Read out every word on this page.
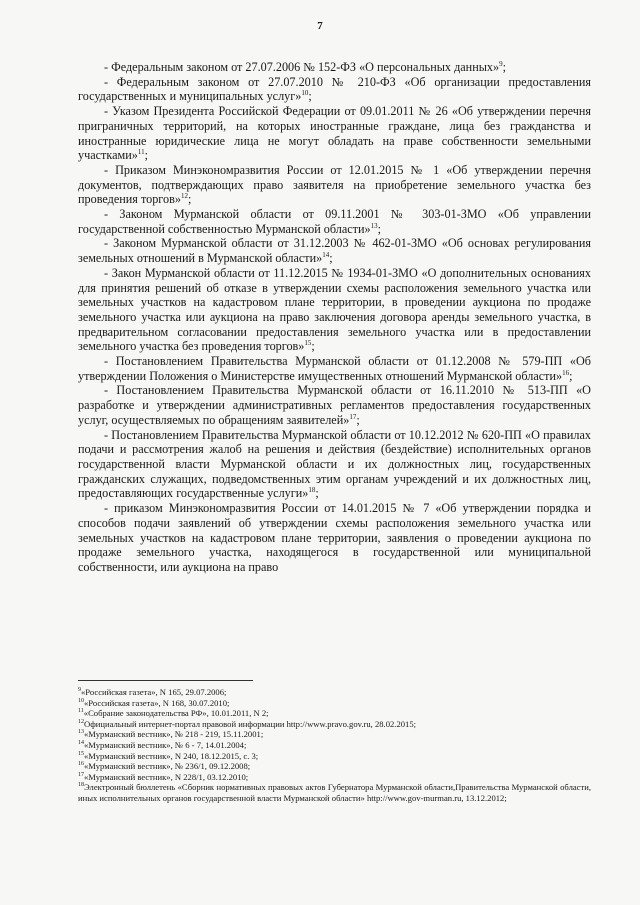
7

- Федеральным законом от 27.07.2006 № 152-ФЗ «О персональных данных»$^9$;

- Федеральным законом от 27.07.2010 № 210-ФЗ «Об организации предоставления государственных и муниципальных услуг»$^{10}$;

- Указом Президента Российской Федерации от 09.01.2011 № 26 «Об утверждении перечня приграничных территорий, на которых иностранные граждане, лица без гражданства и иностранные юридические лица не могут обладать на праве собственности земельными участками»$^{11}$;

- Приказом Минэкономразвития России от 12.01.2015 № 1 «Об утверждении перечня документов, подтверждающих право заявителя на приобретение земельного участка без проведения торгов»$^{12}$;

- Законом Мурманской области от 09.11.2001 № 303-01-ЗМО «Об управлении государственной собственностью Мурманской области»$^{13}$;

- Законом Мурманской области от 31.12.2003 № 462-01-ЗМО «Об основах регулирования земельных отношений в Мурманской области»$^{14}$;

- Закон Мурманской области от 11.12.2015 № 1934-01-ЗМО «О дополнительных основаниях для принятия решений об отказе в утверждении схемы расположения земельного участка или земельных участков на кадастровом плане территории, в проведении аукциона по продаже земельного участка или аукциона на право заключения договора аренды земельного участка, в предварительном согласовании предоставления земельного участка или в предоставлении земельного участка без проведения торгов»$^{15}$;

- Постановлением Правительства Мурманской области от 01.12.2008 № 579-ПП «Об утверждении Положения о Министерстве имущественных отношений Мурманской области»$^{16}$;

- Постановлением Правительства Мурманской области от 16.11.2010 № 513-ПП «О разработке и утверждении административных регламентов предоставления государственных услуг, осуществляемых по обращениям заявителей»$^{17}$;

- Постановлением Правительства Мурманской области от 10.12.2012 № 620-ПП «О правилах подачи и рассмотрения жалоб на решения и действия (бездействие) исполнительных органов государственной власти Мурманской области и их должностных лиц, государственных гражданских служащих, подведомственных этим органам учреждений и их должностных лиц, предоставляющих государственные услуги»$^{18}$;

- приказом Минэкономразвития России от 14.01.2015 № 7 «Об утверждении порядка и способов подачи заявлений об утверждении схемы расположения земельного участка или земельных участков на кадастровом плане территории, заявления о проведении аукциона по продаже земельного участка, находящегося в государственной или муниципальной собственности, или аукциона на право

$^9$«Российская газета», N 165, 29.07.2006;

$^{10}$«Российская газета», N 168, 30.07.2010;

$^{11}$«Собрание законодательства РФ», 10.01.2011, N 2;

$^{12}$Официальный интернет-портал правовой информации http://www.pravo.gov.ru, 28.02.2015;

$^{13}$«Мурманский вестник», № 218 - 219, 15.11.2001;

$^{14}$«Мурманский вестник», № 6 - 7, 14.01.2004;

$^{15}$«Мурманский вестник», N 240, 18.12.2015, с. 3;

$^{16}$«Мурманский вестник», № 236/1, 09.12.2008;

$^{17}$«Мурманский вестник», N 228/1, 03.12.2010;

$^{18}$Электронный бюллетень «Сборник нормативных правовых актов Губернатора Мурманской области,Правительства Мурманской области, иных исполнительных органов государственной власти Мурманской области» http://www.gov-murman.ru, 13.12.2012;
